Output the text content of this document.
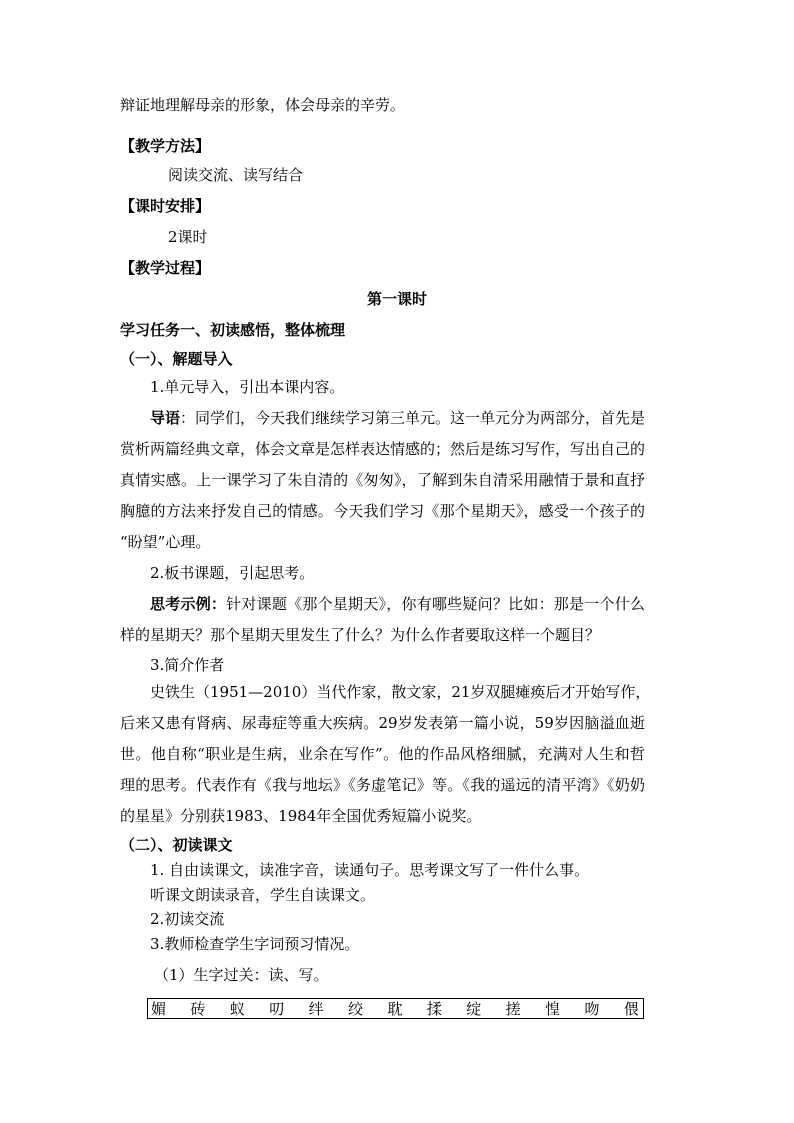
辩证地理解母亲的形象，体会母亲的辛劳。
【教学方法】
阅读交流、读写结合
【课时安排】
2课时
【教学过程】
第一课时
学习任务一、初读感悟，整体梳理
（一）、解题导入
1.单元导入，引出本课内容。
导语：同学们，今天我们继续学习第三单元。这一单元分为两部分，首先是
赏析两篇经典文章，体会文章是怎样表达情感的；然后是练习写作，写出自己的
真情实感。上一课学习了朱自清的《匆匆》，了解到朱自清采用融情于景和直抒
胸臆的方法来抒发自己的情感。今天我们学习《那个星期天》，感受一个孩子的
“盼望”心理。
2.板书课题，引起思考。
思考示例：针对课题《那个星期天》，你有哪些疑问？比如：那是一个什么
样的星期天？那个星期天里发生了什么？为什么作者要取这样一个题目？
3.简介作者
史铁生（1951—2010）当代作家，散文家，21岁双腿瘫痪后才开始写作，
后来又患有肾病、尿毒症等重大疾病。29岁发表第一篇小说，59岁因脑溢血逝
世。他自称“职业是生病，业余在写作”。他的作品风格细腻，充满对人生和哲
理的思考。代表作有《我与地坛》《务虚笔记》等。《我的遥远的清平湾》《奶奶
的星星》分别获1983、1984年全国优秀短篇小说奖。
（二）、初读课文
1. 自由读课文，读准字音，读通句子。思考课文写了一件什么事。
听课文朗读录音，学生自读课文。
2.初读交流
3.教师检查学生字词预习情况。
（1）生字过关：读、写。
媚 砖 蚁 叨 绊 绞 耽 揉 绽 搓 惶 吻 偎
